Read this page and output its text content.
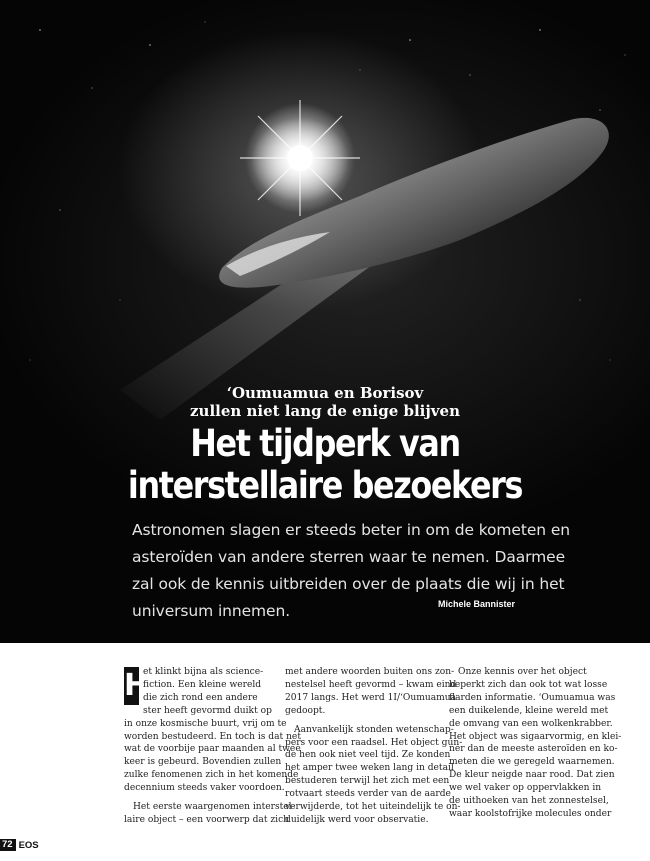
‘Oumuamua en Borisov
zullen niet lang de enige blijven
Het tijdperk van
interstellaire bezoekers
Astronomen slagen er steeds beter in om de kometen en
asteroïden van andere sterren waar te nemen. Daarmee
zal ook de kennis uitbreiden over de plaats die wij in het
universum innemen.	Michele Bannister

H
et klinkt bijna als science-
fiction. Een kleine wereld
die zich rond een andere
ster heeft gevormd duikt op
in onze kosmische buurt, vrij om te
worden bestudeerd. En toch is dat net
wat de voorbije paar maanden al twee
keer is gebeurd. Bovendien zullen
zulke fenomenen zich in het komende
decennium steeds vaker voordoen.

Het eerste waargenomen interstel-
laire object – een voorwerp dat zich

met andere woorden buiten ons zon-
nestelsel heeft gevormd – kwam eind
2017 langs. Het werd 1I/‘Oumuamua
gedoopt.

Aanvankelijk stonden wetenschap-
pers voor een raadsel. Het object gun-
de hen ook niet veel tijd. Ze konden
het amper twee weken lang in detail
bestuderen terwijl het zich met een
rotvaart steeds verder van de aarde
verwijderde, tot het uiteindelijk te on-
duidelijk werd voor observatie.

Onze kennis over het object
beperkt zich dan ook tot wat losse
flarden informatie. ‘Oumuamua was
een duikelende, kleine wereld met
de omvang van een wolkenkrabber.
Het object was sigaarvormig, en klei-
ner dan de meeste asteroïden en ko-
meten die we geregeld waarnemen.
De kleur neigde naar rood. Dat zien
we wel vaker op oppervlakken in
de uithoeken van het zonnestelsel,
waar koolstofrijke molecules onder

72 EOS
